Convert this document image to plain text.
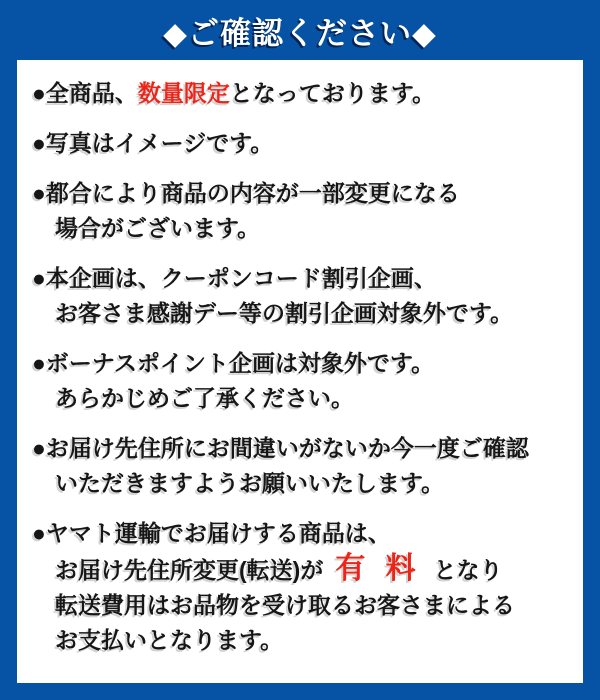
◆ご確認ください◆
●全商品、数量限定となっております。
●写真はイメージです。
●都合により商品の内容が一部変更になる
場合がございます。
●本企画は、クーポンコード割引企画、
お客さま感謝デー等の割引企画対象外です。
●ボーナスポイント企画は対象外です。
あらかじめご了承ください。
●お届け先住所にお間違いがないか今一度ご確認
いただきますようお願いいたします。
●ヤマト運輸でお届けする商品は、
お届け先住所変更(転送)が 有 料 となり
転送費用はお品物を受け取るお客さまによる
お支払いとなります。
